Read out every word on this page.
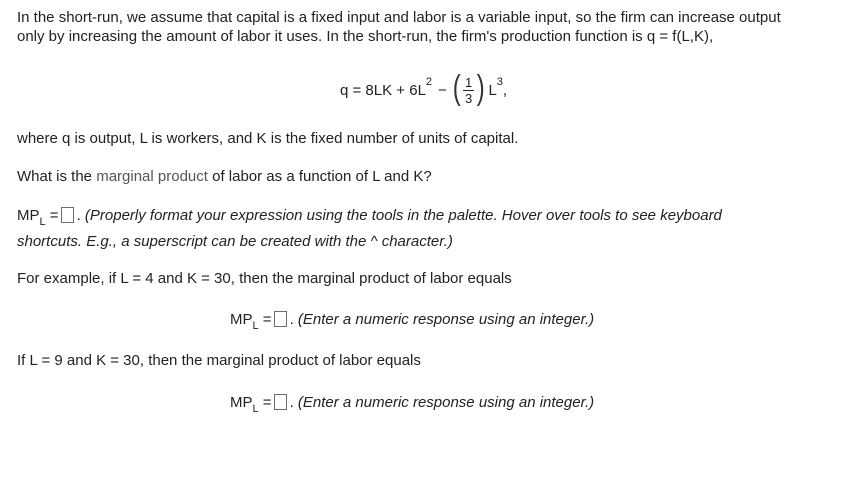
In the short-run, we assume that capital is a fixed input and labor is a variable input, so the firm can increase output
only by increasing the amount of labor it uses. In the short-run, the firm's production function is q = f(L,K),
q = 8LK + 6L 2 − ( $\frac{1}{3}$ ) L 3 ,
where q is output, L is workers, and K is the fixed number of units of capital.
What is the marginal product of labor as a function of L and K?
$MP_L$ = . (Properly format your expression using the tools in the palette. Hover over tools to see keyboard
shortcuts. E.g., a superscript can be created with the ^ character.)
For example, if L = 4 and K = 30, then the marginal product of labor equals
$MP_L$ = . (Enter a numeric response using an integer.)
If L = 9 and K = 30, then the marginal product of labor equals
$MP_L$ = . (Enter a numeric response using an integer.)
